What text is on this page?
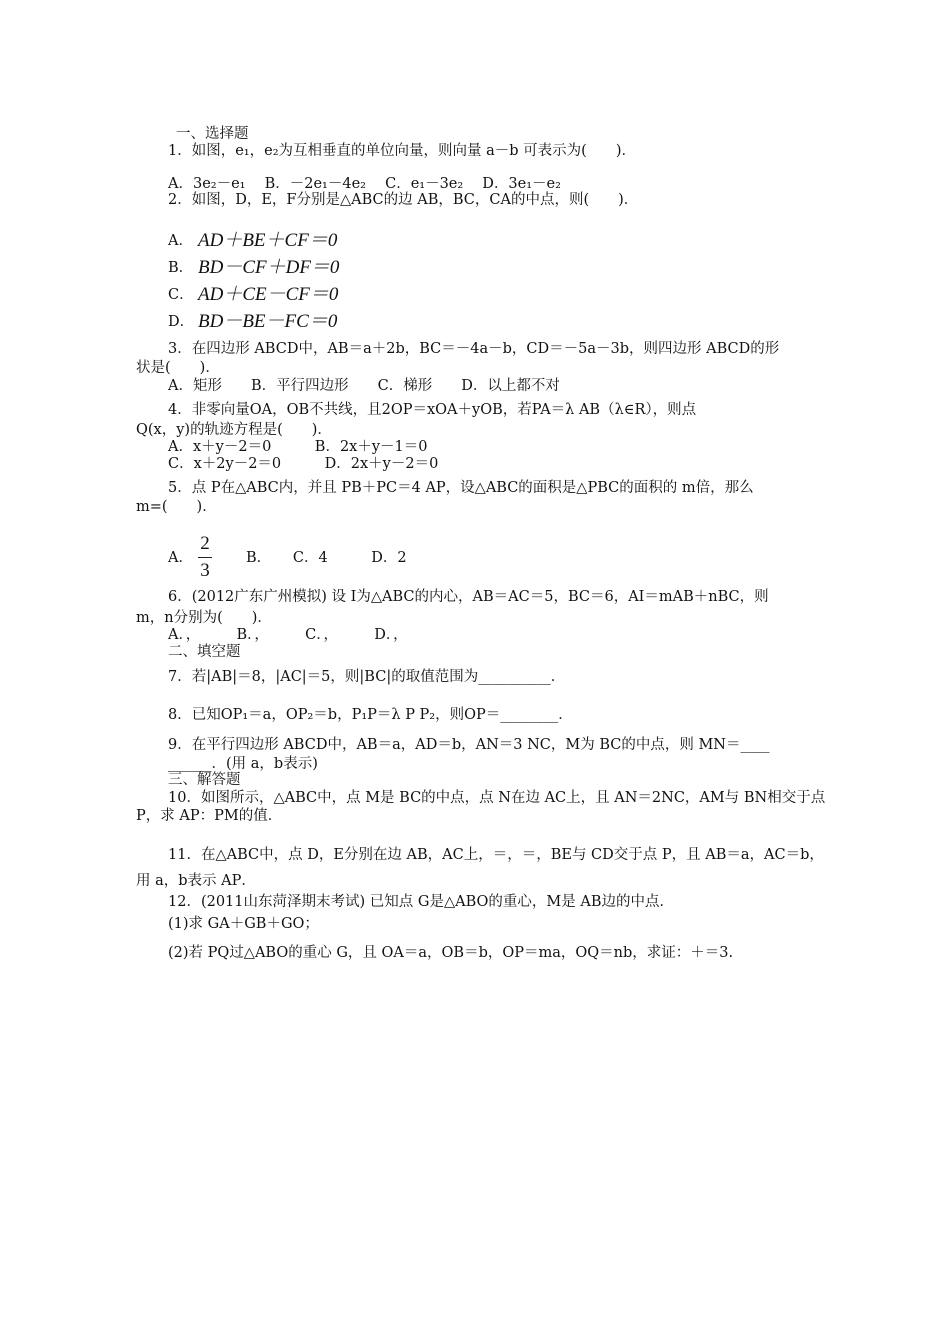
一、选择题
1．如图，e₁，e₂为互相垂直的单位向量，则向量 a－b 可表示为(　　)．
A．3e₂－e₁　 B．－2e₁－4e₂　 C．e₁－3e₂　 D．3e₁－e₂
2．如图，D，E，F分别是△ABC的边 AB，BC，CA的中点，则(　　)．
A． AD＋BE＋CF＝0
B． BD－CF＋DF＝0
C． AD＋CE－CF＝0
D． BD－BE－FC＝0
3．在四边形 ABCD中，AB＝a＋2b，BC＝－4a－b，CD＝－5a－3b，则四边形 ABCD的形
状是(　　)．
A．矩形　　B．平行四边形　　C．梯形　　D．以上都不对
4．非零向量OA，OB不共线，且2OP＝xOA＋yOB，若PA＝λ AB（λ∈R），则点
Q(x，y)的轨迹方程是(　　)．
A．x＋y－2＝0　　　B．2x＋y－1＝0
C．x＋2y－2＝0　　　D．2x＋y－2＝0
5．点 P在△ABC内，并且 PB＋PC＝4 AP，设△ABC的面积是△PBC的面积的 m倍，那么
m=(　　)．
A．
2
3
B．　　C．4　　　D．2
6．(2012广东广州模拟) 设 I为△ABC的内心，AB＝AC＝5，BC＝6，AI＝mAB＋nBC，则
m，n分别为(　　)．
A．，　　　B．，　　　C．，　　　D．，
二、填空题
7．若|AB|＝8，|AC|＝5，则|BC|的取值范围为__________．
8．已知OP₁＝a，OP₂＝b，P₁P＝λ P P₂，则OP＝________．
9．在平行四边形 ABCD中，AB＝a，AD＝b，AN＝3 NC，M为 BC的中点，则 MN＝____
______．(用 a，b表示)
三、解答题
10．如图所示，△ABC中，点 M是 BC的中点，点 N在边 AC上，且 AN＝2NC，AM与 BN相交于点
P，求 AP：PM的值．
11．在△ABC中，点 D，E分别在边 AB，AC上，＝，＝，BE与 CD交于点 P，且 AB＝a，AC＝b，
用 a，b表示 AP．
12．(2011山东菏泽期末考试) 已知点 G是△ABO的重心，M是 AB边的中点．
(1)求 GA＋GB＋GO；
(2)若 PQ过△ABO的重心 G，且 OA＝a，OB＝b，OP＝ma，OQ＝nb，求证：＋＝3.
